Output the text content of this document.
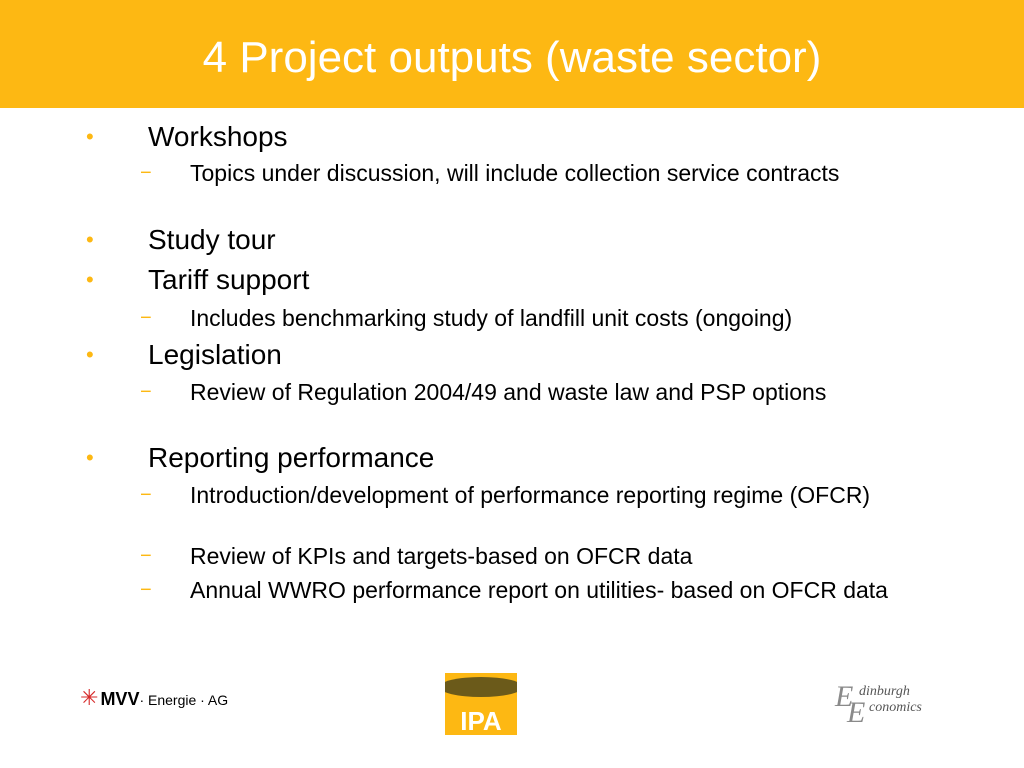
4 Project outputs (waste sector)
• Workshops
− Topics under discussion, will include collection service contracts
• Study tour
• Tariff support
− Includes benchmarking study of landfill unit costs (ongoing)
• Legislation
− Review of Regulation 2004/49 and waste law and PSP options
• Reporting performance
− Introduction/development of performance reporting regime (OFCR)
− Review of KPIs and targets-based on OFCR data
− Annual WWRO performance report on utilities- based on OFCR data
✳ MVV· Energie · AG
IPA
E dinburgh
E conomics
